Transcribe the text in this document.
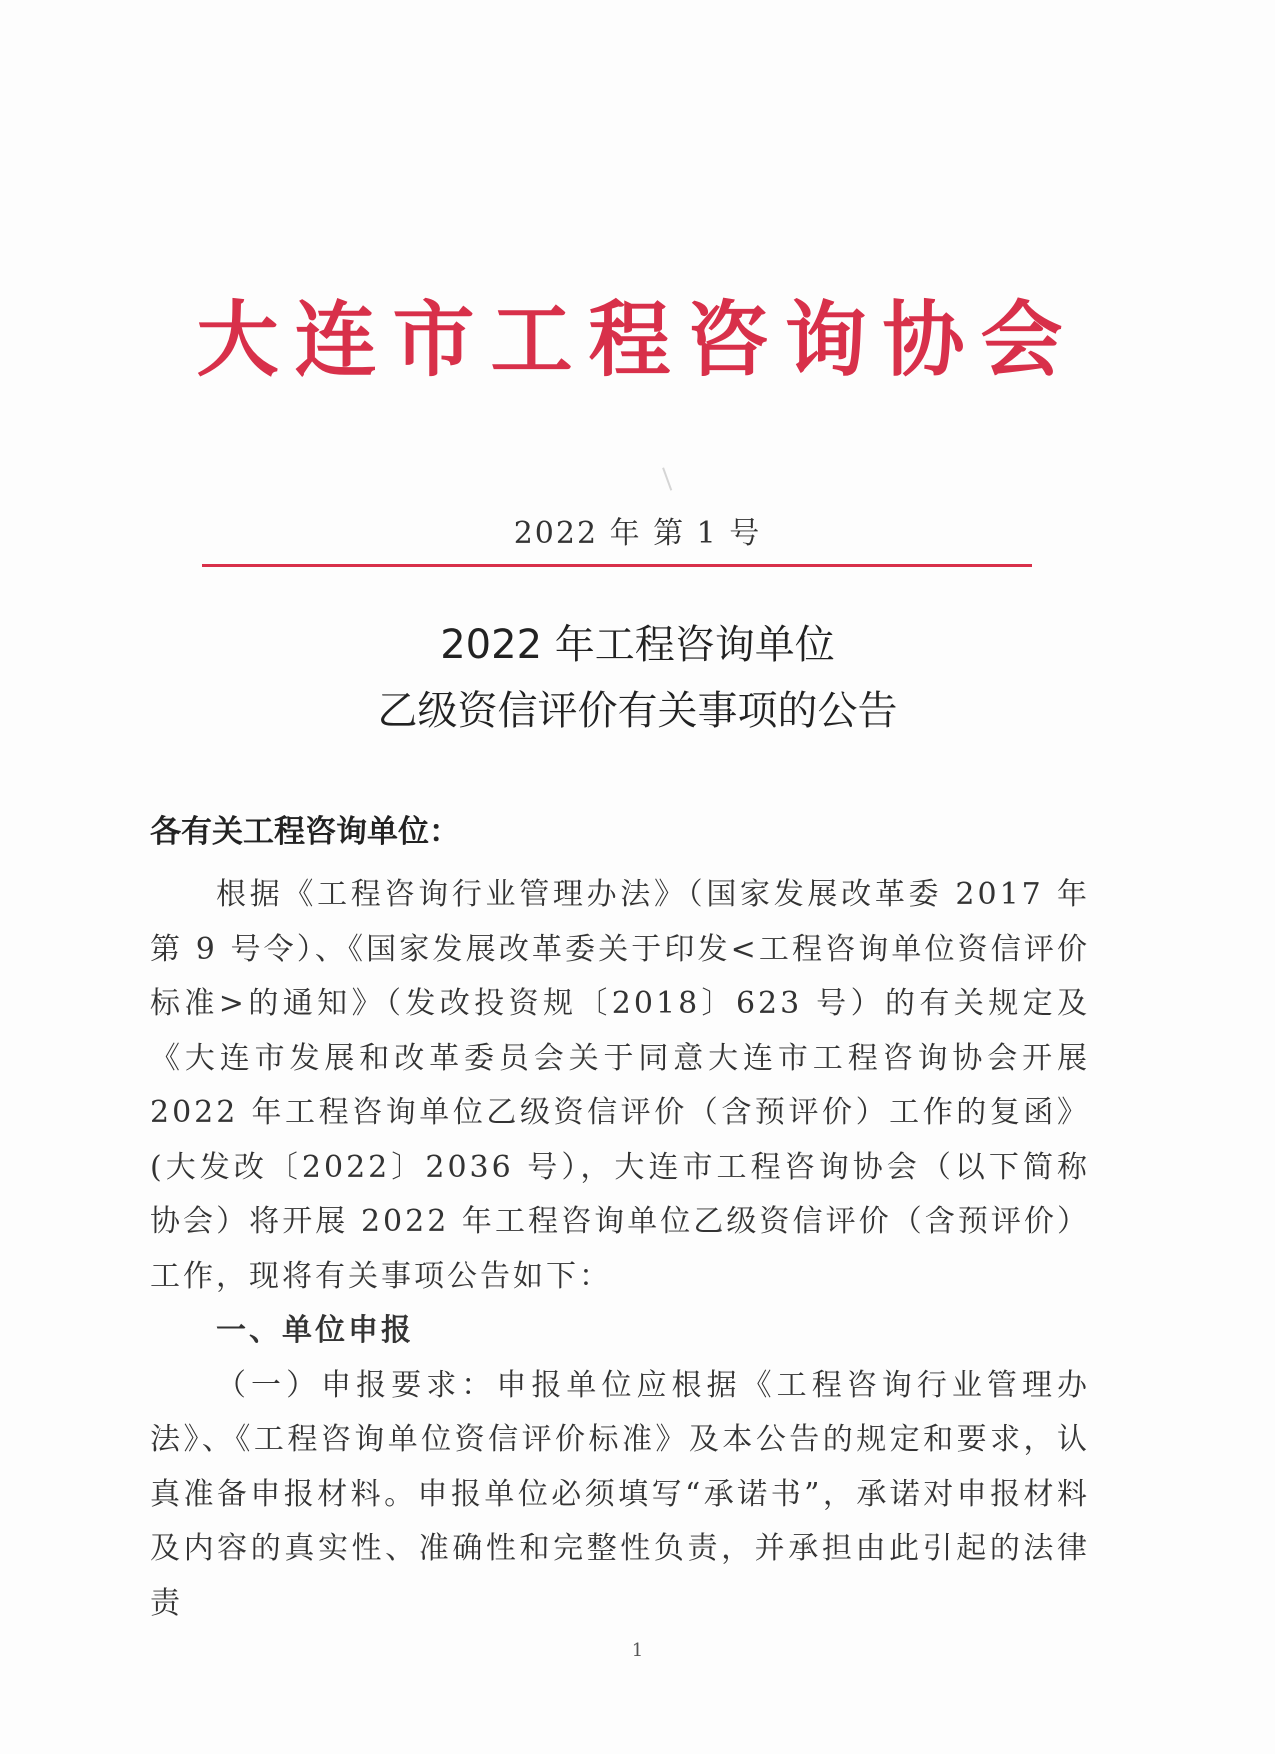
大连市工程咨询协会
2022 年 第 1 号
2022 年工程咨询单位
乙级资信评价有关事项的公告
各有关工程咨询单位：

根据《工程咨询行业管理办法》（国家发展改革委 2017 年第 9 号令）、《国家发展改革委关于印发<工程咨询单位资信评价标准>的通知》（发改投资规〔2018〕623 号）的有关规定及《大连市发展和改革委员会关于同意大连市工程咨询协会开展 2022 年工程咨询单位乙级资信评价（含预评价）工作的复函》(大发改〔2022〕2036 号），大连市工程咨询协会（以下简称协会）将开展 2022 年工程咨询单位乙级资信评价（含预评价）工作，现将有关事项公告如下：

一、单位申报

（一）申报要求：申报单位应根据《工程咨询行业管理办法》、《工程咨询单位资信评价标准》及本公告的规定和要求，认真准备申报材料。申报单位必须填写“承诺书”，承诺对申报材料及内容的真实性、准确性和完整性负责，并承担由此引起的法律责

1
